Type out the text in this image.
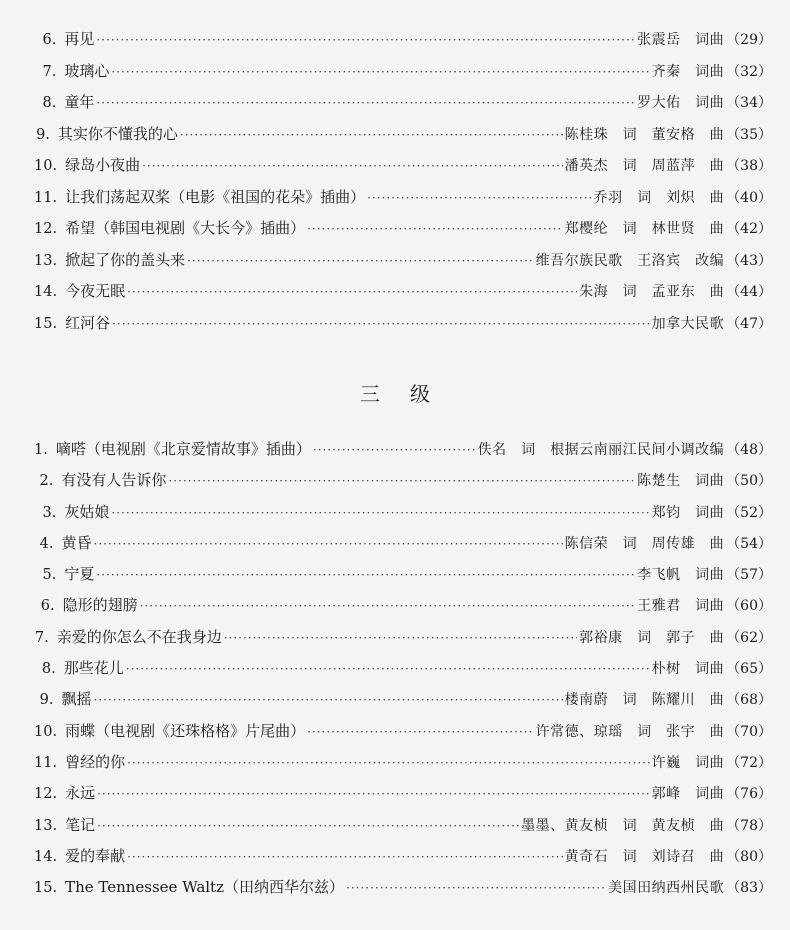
6. 再见 ·····	张震岳　词曲 （29）
7. 玻璃心 ·····	齐秦　词曲 （32）
8. 童年 ·····	罗大佑　词曲 （34）
9. 其实你不懂我的心 ·····	陈桂珠　词　董安格　曲 （35）
10. 绿岛小夜曲 ·····	潘英杰　词　周蓝萍　曲 （38）
11. 让我们荡起双桨（电影《祖国的花朵》插曲） ·····	乔羽　词　刘炽　曲 （40）
12. 希望（韩国电视剧《大长今》插曲） ·····	郑樱纶　词　林世贤　曲 （42）
13. 掀起了你的盖头来 ·····	维吾尔族民歌　王洛宾　改编 （43）
14. 今夜无眠 ·····	朱海　词　孟亚东　曲 （44）
15. 红河谷 ·····	加拿大民歌 （47）
三级
1. 嘀嗒（电视剧《北京爱情故事》插曲） ·····	佚名　词　根据云南丽江民间小调改编 （48）
2. 有没有人告诉你 ·····	陈楚生　词曲 （50）
3. 灰姑娘 ·····	郑钧　词曲 （52）
4. 黄昏 ·····	陈信荣　词　周传雄　曲 （54）
5. 宁夏 ·····	李飞帆　词曲 （57）
6. 隐形的翅膀 ·····	王雅君　词曲 （60）
7. 亲爱的你怎么不在我身边 ·····	郭裕康　词　郭子　曲 （62）
8. 那些花儿 ·····	朴树　词曲 （65）
9. 飘摇 ·····	楼南蔚　词　陈耀川　曲 （68）
10. 雨蝶（电视剧《还珠格格》片尾曲） ·····	许常德、琼瑶　词　张宇　曲 （70）
11. 曾经的你 ·····	许巍　词曲 （72）
12. 永远 ·····	郭峰　词曲 （76）
13. 笔记 ·····	墨墨、黄友桢　词　黄友桢　曲 （78）
14. 爱的奉献 ·····	黄奇石　词　刘诗召　曲 （80）
15. The Tennessee Waltz（田纳西华尔兹） ·····	美国田纳西州民歌 （83）
